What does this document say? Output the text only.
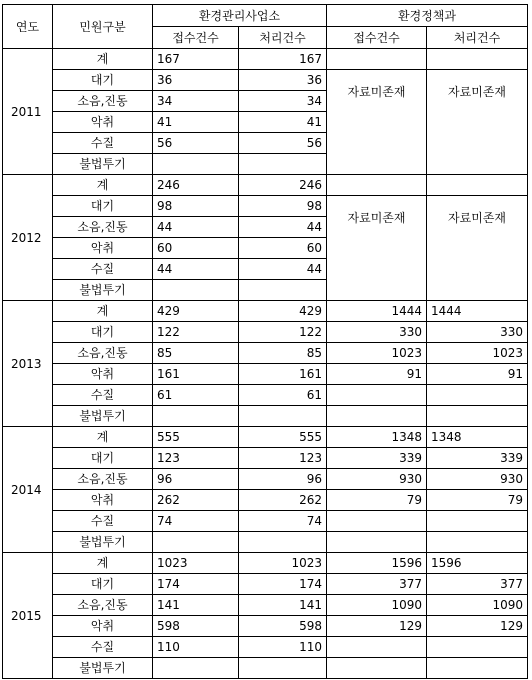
연도	민원구분	환경관리사업소		환경정책과	
		접수건수	처리건수	접수건수	처리건수
2011	계	167	167		
	대기	36	36	자료미존재	자료미존재
	소음,진동	34	34		
	악취	41	41		
	수질	56	56		
	불법투기				
2012	계	246	246		
	대기	98	98	자료미존재	자료미존재
	소음,진동	44	44		
	악취	60	60		
	수질	44	44		
	불법투기				
2013	계	429	429	1444	1444
	대기	122	122	330	330
	소음,진동	85	85	1023	1023
	악취	161	161	91	91
	수질	61	61		
	불법투기				
2014	계	555	555	1348	1348
	대기	123	123	339	339
	소음,진동	96	96	930	930
	악취	262	262	79	79
	수질	74	74		
	불법투기				
2015	계	1023	1023	1596	1596
	대기	174	174	377	377
	소음,진동	141	141	1090	1090
	악취	598	598	129	129
	수질	110	110		
	불법투기				
